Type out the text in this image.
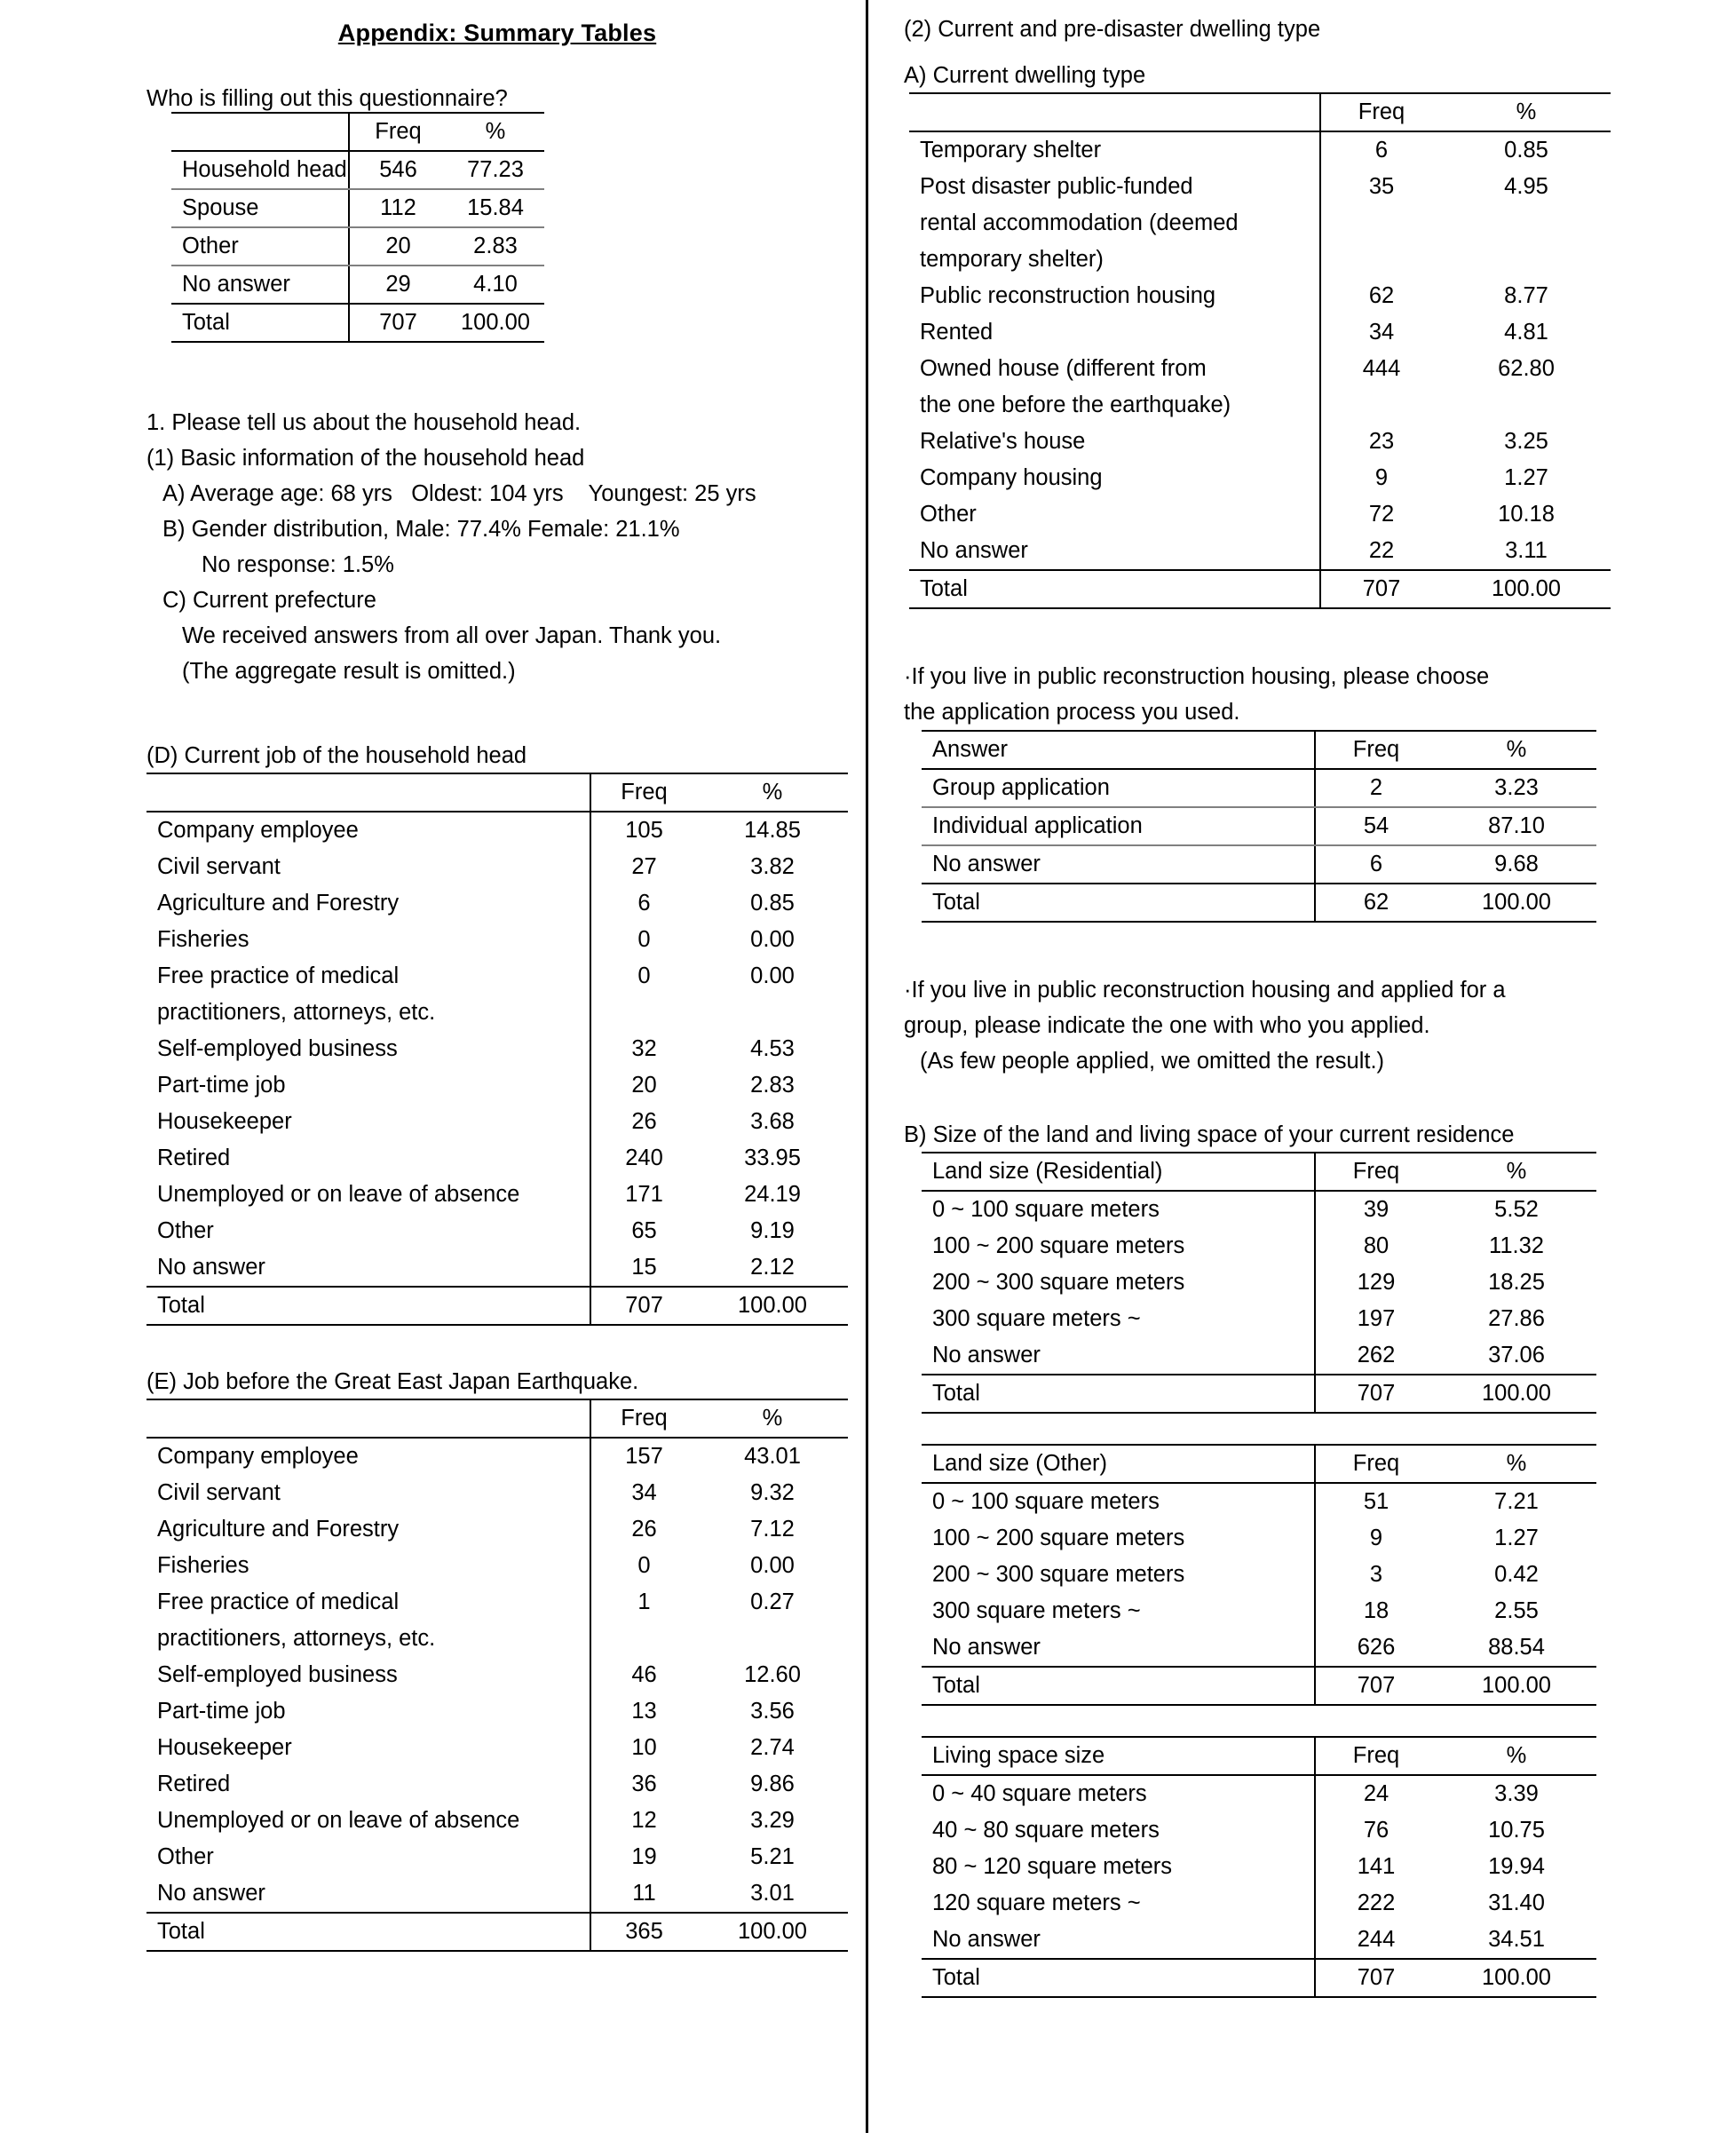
Appendix: Summary Tables
Who is filling out this questionnaire?
	Freq	%
Household head	546	77.23
Spouse	112	15.84
Other	20	2.83
No answer	29	4.10
Total	707	100.00
1. Please tell us about the household head.
(1) Basic information of the household head
A) Average age: 68 yrs   Oldest: 104 yrs    Youngest: 25 yrs
B) Gender distribution, Male: 77.4% Female: 21.1%
No response: 1.5%
C) Current prefecture
We received answers from all over Japan. Thank you.
(The aggregate result is omitted.)
(D) Current job of the household head
	Freq	%
Company employee	105	14.85
Civil servant	27	3.82
Agriculture and Forestry	6	0.85
Fisheries	0	0.00
Free practice of medical	0	0.00
practitioners, attorneys, etc.		
Self-employed business	32	4.53
Part-time job	20	2.83
Housekeeper	26	3.68
Retired	240	33.95
Unemployed or on leave of absence	171	24.19
Other	65	9.19
No answer	15	2.12
Total	707	100.00
(E) Job before the Great East Japan Earthquake.
	Freq	%
Company employee	157	43.01
Civil servant	34	9.32
Agriculture and Forestry	26	7.12
Fisheries	0	0.00
Free practice of medical	1	0.27
practitioners, attorneys, etc.		
Self-employed business	46	12.60
Part-time job	13	3.56
Housekeeper	10	2.74
Retired	36	9.86
Unemployed or on leave of absence	12	3.29
Other	19	5.21
No answer	11	3.01
Total	365	100.00
(2) Current and pre-disaster dwelling type
A) Current dwelling type
	Freq	%
Temporary shelter	6	0.85
Post disaster public-funded	35	4.95
rental accommodation (deemed		
temporary shelter)		
Public reconstruction housing	62	8.77
Rented	34	4.81
Owned house (different from	444	62.80
the one before the earthquake)		
Relative's house	23	3.25
Company housing	9	1.27
Other	72	10.18
No answer	22	3.11
Total	707	100.00
·If you live in public reconstruction housing, please choose
the application process you used.
Answer	Freq	%
Group application	2	3.23
Individual application	54	87.10
No answer	6	9.68
Total	62	100.00
·If you live in public reconstruction housing and applied for a
group, please indicate the one with who you applied.
(As few people applied, we omitted the result.)
B) Size of the land and living space of your current residence
Land size (Residential)	Freq	%
0 ~ 100 square meters	39	5.52
100 ~ 200 square meters	80	11.32
200 ~ 300 square meters	129	18.25
300 square meters ~	197	27.86
No answer	262	37.06
Total	707	100.00
Land size (Other)	Freq	%
0 ~ 100 square meters	51	7.21
100 ~ 200 square meters	9	1.27
200 ~ 300 square meters	3	0.42
300 square meters ~	18	2.55
No answer	626	88.54
Total	707	100.00
Living space size	Freq	%
0 ~ 40 square meters	24	3.39
40 ~ 80 square meters	76	10.75
80 ~ 120 square meters	141	19.94
120 square meters ~	222	31.40
No answer	244	34.51
Total	707	100.00
